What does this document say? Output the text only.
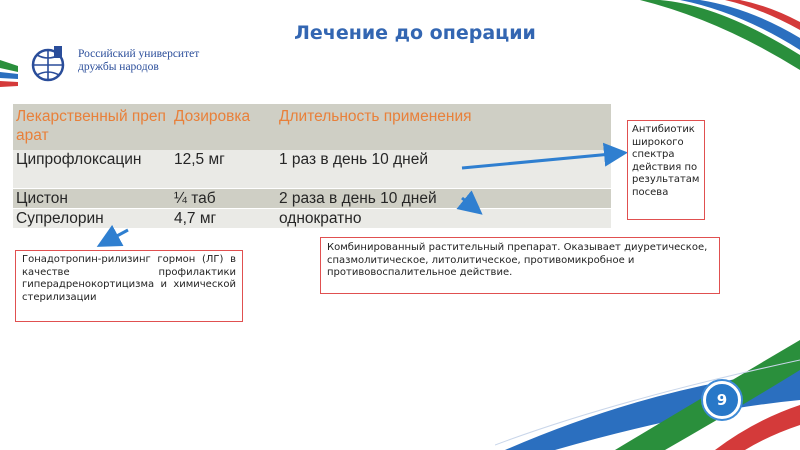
Лечение до операции
Российский университет
дружбы народов
Лекарственный препарат	Дозировка	Длительность применения
Ципрофлоксацин	12,5 мг	1 раз в день 10 дней
Цистон	¼ таб	2 раза в день 10 дней
Супрелорин	4,7 мг	однократно
Антибиотик широкого спектра действия по результатам посева
Комбинированный растительный препарат. Оказывает диуретическое, спазмолитическое, литолитическое, противомикробное и противовоспалительное действие.
Гонадотропин-рилизинг гормон (ЛГ) в качестве профилактики гиперадренокортицизма и химической стерилизации
9
